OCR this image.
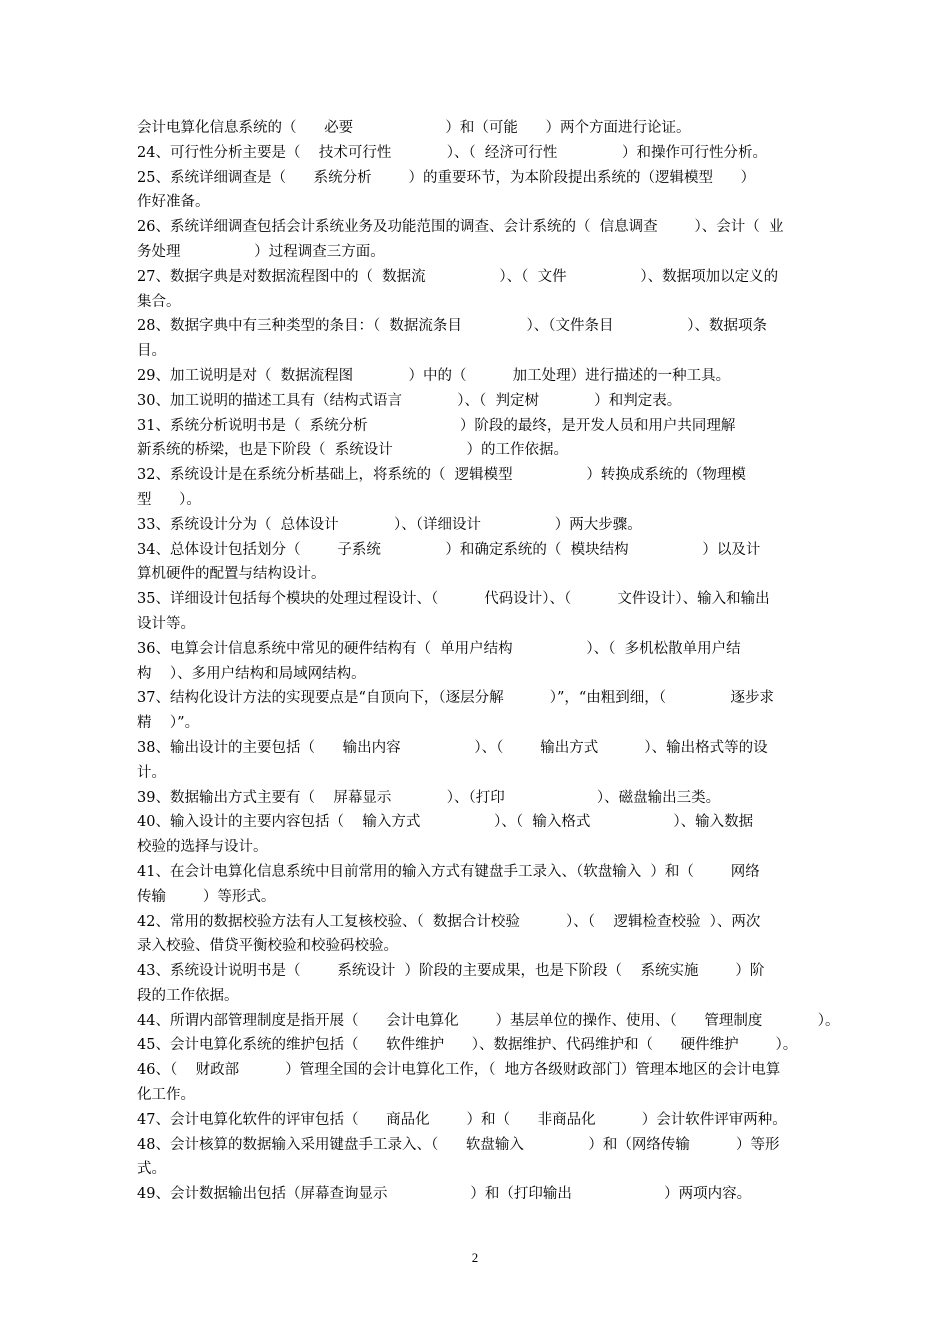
会计电算化信息系统的（      必要                    ）和（可能      ）两个方面进行论证。
24、可行性分析主要是（    技术可行性            ）、（  经济可行性              ）和操作可行性分析。
25、系统详细调查是（      系统分析        ）的重要环节，为本阶段提出系统的（逻辑模型      ）
作好准备。
26、系统详细调查包括会计系统业务及功能范围的调查、会计系统的（  信息调查        ）、会计（  业
务处理                ）过程调查三方面。
27、数据字典是对数据流程图中的（  数据流                ）、（  文件                ）、数据项加以定义的
集合。
28、数据字典中有三种类型的条目：（  数据流条目              ）、（文件条目                ）、数据项条
目。
29、加工说明是对（  数据流程图            ）中的（          加工处理）进行描述的一种工具。
30、加工说明的描述工具有（结构式语言            ）、（  判定树            ）和判定表。
31、系统分析说明书是（  系统分析                    ）阶段的最终，是开发人员和用户共同理解
新系统的桥梁，也是下阶段（  系统设计                ）的工作依据。
32、系统设计是在系统分析基础上，将系统的（  逻辑模型                ）转换成系统的（物理模
型      ）。
33、系统设计分为（  总体设计            ）、（详细设计                ）两大步骤。
34、总体设计包括划分（        子系统              ）和确定系统的（  模块结构                ）以及计
算机硬件的配置与结构设计。
35、详细设计包括每个模块的处理过程设计、（          代码设计）、（          文件设计）、输入和输出
设计等。
36、电算会计信息系统中常见的硬件结构有（  单用户结构                ）、（  多机松散单用户结
构    ）、多用户结构和局域网结构。
37、结构化设计方法的实现要点是“自顶向下，（逐层分解          ）”，“由粗到细，（              逐步求
精    ）”。
38、输出设计的主要包括（      输出内容                ）、（        输出方式          ）、输出格式等的设
计。
39、数据输出方式主要有（    屏幕显示            ）、（打印                    ）、磁盘输出三类。
40、输入设计的主要内容包括（    输入方式                ）、（  输入格式                  ）、输入数据
校验的选择与设计。
41、在会计电算化信息系统中目前常用的输入方式有键盘手工录入、（软盘输入  ）和（        网络
传输        ）等形式。
42、常用的数据校验方法有人工复核校验、（  数据合计校验          ）、（    逻辑检查校验  ）、两次
录入校验、借贷平衡校验和校验码校验。
43、系统设计说明书是（        系统设计  ）阶段的主要成果，也是下阶段（    系统实施        ）阶
段的工作依据。
44、所谓内部管理制度是指开展（      会计电算化        ）基层单位的操作、使用、（      管理制度            ）。
45、会计电算化系统的维护包括（      软件维护      ）、数据维护、代码维护和（      硬件维护        ）。
46、（    财政部          ）管理全国的会计电算化工作，（  地方各级财政部门）管理本地区的会计电算
化工作。
47、会计电算化软件的评审包括（      商品化        ）和（      非商品化          ）会计软件评审两种。
48、会计核算的数据输入采用键盘手工录入、（      软盘输入              ）和（网络传输          ）等形
式。
49、会计数据输出包括（屏幕查询显示                  ）和（打印输出                    ）两项内容。
2
